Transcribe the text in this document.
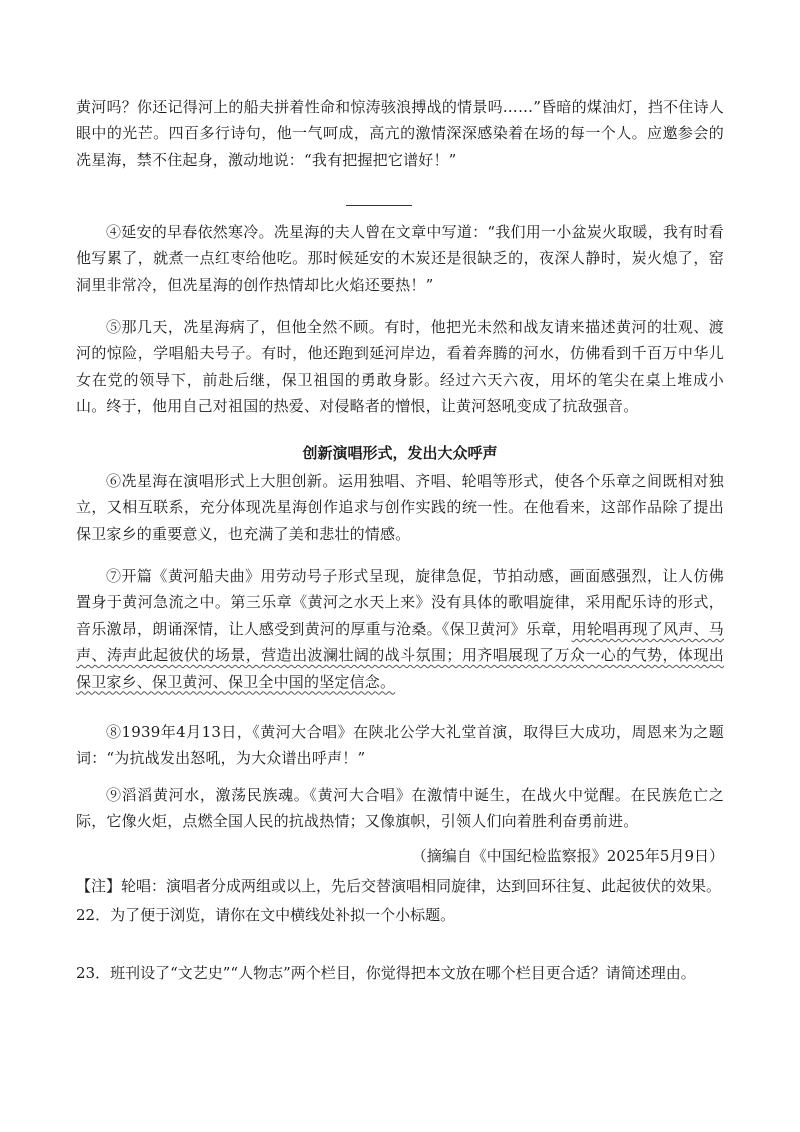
黄河吗？你还记得河上的船夫拼着性命和惊涛骇浪搏战的情景吗……”昏暗的煤油灯，挡不住诗人眼中的光芒。四百多行诗句，他一气呵成，高亢的激情深深感染着在场的每一个人。应邀参会的冼星海，禁不住起身，激动地说：“我有把握把它谱好！”

④延安的早春依然寒冷。冼星海的夫人曾在文章中写道：“我们用一小盆炭火取暖，我有时看他写累了，就煮一点红枣给他吃。那时候延安的木炭还是很缺乏的，夜深人静时，炭火熄了，窑洞里非常冷，但冼星海的创作热情却比火焰还要热！”

⑤那几天，冼星海病了，但他全然不顾。有时，他把光未然和战友请来描述黄河的壮观、渡河的惊险，学唱船夫号子。有时，他还跑到延河岸边，看着奔腾的河水，仿佛看到千百万中华儿女在党的领导下，前赴后继，保卫祖国的勇敢身影。经过六天六夜，用坏的笔尖在桌上堆成小山。终于，他用自己对祖国的热爱、对侵略者的憎恨，让黄河怒吼变成了抗敌强音。

创新演唱形式，发出大众呼声

⑥冼星海在演唱形式上大胆创新。运用独唱、齐唱、轮唱等形式，使各个乐章之间既相对独立，又相互联系，充分体现冼星海创作追求与创作实践的统一性。在他看来，这部作品除了提出保卫家乡的重要意义，也充满了美和悲壮的情感。

⑦开篇《黄河船夫曲》用劳动号子形式呈现，旋律急促，节拍动感，画面感强烈，让人仿佛置身于黄河急流之中。第三乐章《黄河之水天上来》没有具体的歌唱旋律，采用配乐诗的形式，音乐激昂，朗诵深情，让人感受到黄河的厚重与沧桑。《保卫黄河》乐章，用轮唱再现了风声、马声、涛声此起彼伏的场景，营造出波澜壮阔的战斗氛围；用齐唱展现了万众一心的气势，体现出保卫家乡、保卫黄河、保卫全中国的坚定信念。

⑧1939年4月13日，《黄河大合唱》在陕北公学大礼堂首演，取得巨大成功，周恩来为之题词：“为抗战发出怒吼，为大众谱出呼声！”

⑨滔滔黄河水，激荡民族魂。《黄河大合唱》在激情中诞生，在战火中觉醒。在民族危亡之际，它像火炬，点燃全国人民的抗战热情；又像旗帜，引领人们向着胜利奋勇前进。

（摘编自《中国纪检监察报》2025年5月9日）
【注】轮唱：演唱者分成两组或以上，先后交替演唱相同旋律，达到回环往复、此起彼伏的效果。
22．为了便于浏览，请你在文中横线处补拟一个小标题。
23．班刊设了“文艺史”“人物志”两个栏目，你觉得把本文放在哪个栏目更合适？请简述理由。
